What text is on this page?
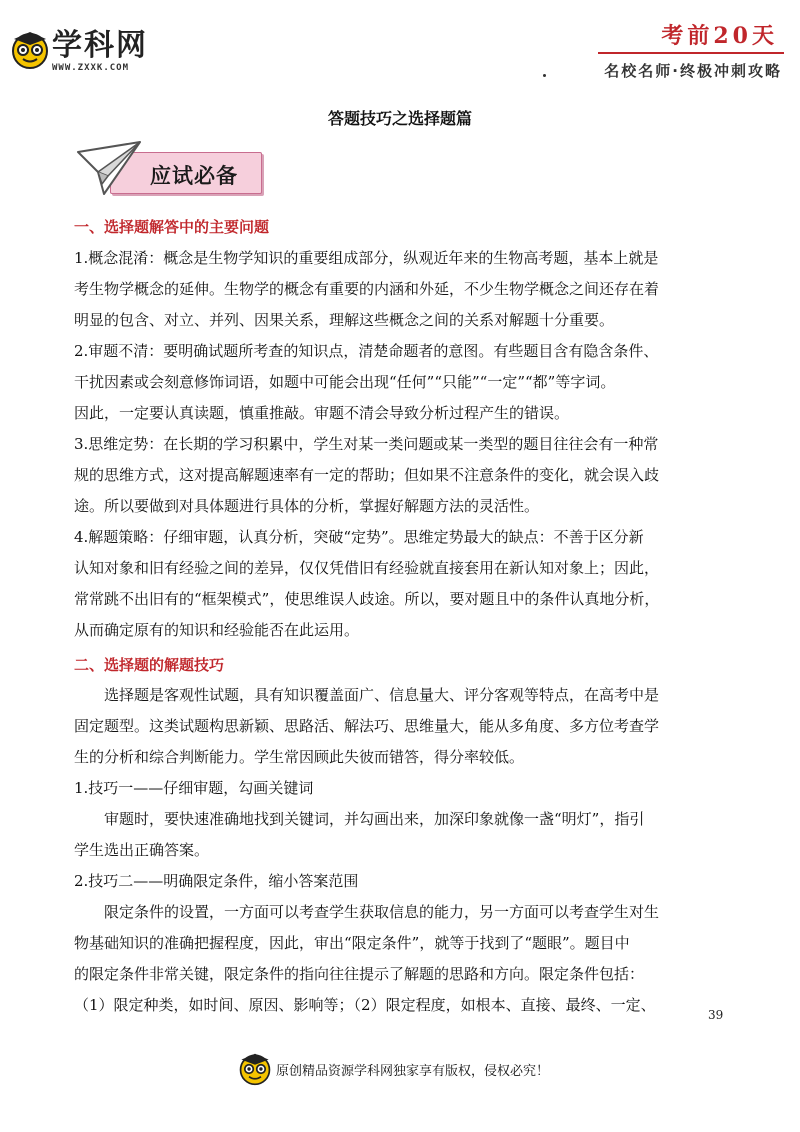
学科网
WWW.ZXXK.COM
考前20天
名校名师·终极冲刺攻略
答题技巧之选择题篇
应试必备
一、选择题解答中的主要问题
1.概念混淆：概念是生物学知识的重要组成部分，纵观近年来的生物高考题，基本上就是
考生物学概念的延伸。生物学的概念有重要的内涵和外延，不少生物学概念之间还存在着
明显的包含、对立、并列、因果关系，理解这些概念之间的关系对解题十分重要。
2.审题不清：要明确试题所考查的知识点，清楚命题者的意图。有些题目含有隐含条件、
干扰因素或会刻意修饰词语，如题中可能会出现“任何”“只能”“一定”“都”等字词。
因此，一定要认真读题，慎重推敲。审题不清会导致分析过程产生的错误。
3.思维定势：在长期的学习积累中，学生对某一类问题或某一类型的题目往往会有一种常
规的思维方式，这对提高解题速率有一定的帮助；但如果不注意条件的变化，就会误入歧
途。所以要做到对具体题进行具体的分析，掌握好解题方法的灵活性。
4.解题策略：仔细审题，认真分析，突破“定势”。思维定势最大的缺点：不善于区分新
认知对象和旧有经验之间的差异，仅仅凭借旧有经验就直接套用在新认知对象上；因此，
常常跳不出旧有的“框架模式”，使思维误人歧途。所以，要对题且中的条件认真地分析，
从而确定原有的知识和经验能否在此运用。
二、选择题的解题技巧
选择题是客观性试题，具有知识覆盖面广、信息量大、评分客观等特点，在高考中是
固定题型。这类试题构思新颖、思路活、解法巧、思维量大，能从多角度、多方位考查学
生的分析和综合判断能力。学生常因顾此失彼而错答，得分率较低。
1.技巧一——仔细审题，勾画关键词
审题时，要快速准确地找到关键词，并勾画出来，加深印象就像一盏“明灯”，指引
学生选出正确答案。
2.技巧二——明确限定条件，缩小答案范围
限定条件的设置，一方面可以考查学生获取信息的能力，另一方面可以考查学生对生
物基础知识的准确把握程度，因此，审出“限定条件”，就等于找到了“题眼”。题目中
的限定条件非常关键，限定条件的指向往往提示了解题的思路和方向。限定条件包括：
（1）限定种类，如时间、原因、影响等；（2）限定程度，如根本、直接、最终、一定、
39
原创精品资源学科网独家享有版权，侵权必究！
